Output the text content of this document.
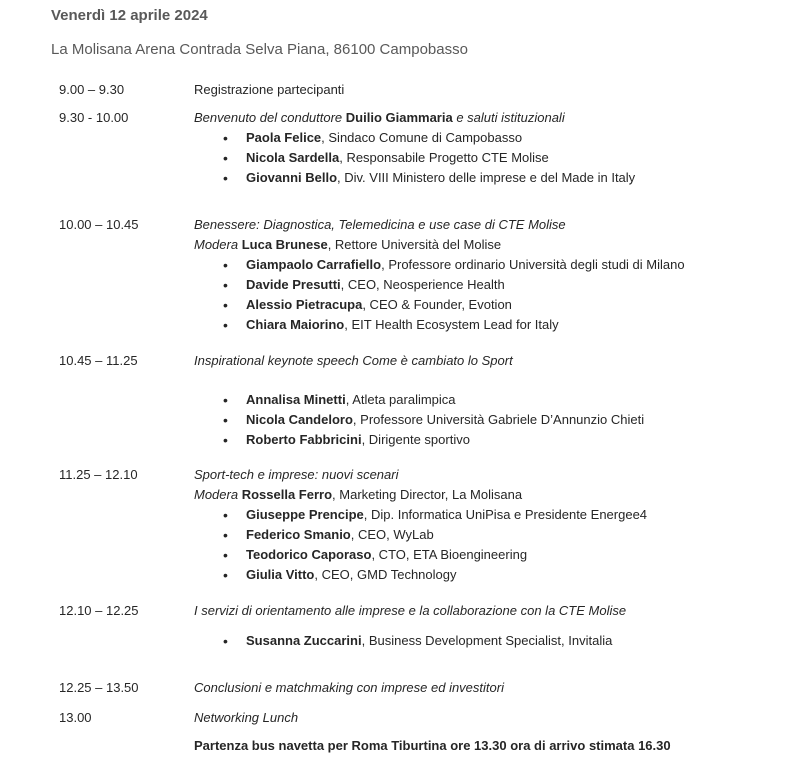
Venerdì 12 aprile 2024
La Molisana Arena Contrada Selva Piana, 86100 Campobasso
9.00 – 9.30	Registrazione partecipanti
9.30 - 10.00	Benvenuto del conduttore Duilio Giammaria e saluti istituzionali
• Paola Felice, Sindaco Comune di Campobasso
• Nicola Sardella, Responsabile Progetto CTE Molise
• Giovanni Bello, Div. VIII Ministero delle imprese e del Made in Italy
10.00 – 10.45	Benessere: Diagnostica, Telemedicina e use case di CTE Molise
Modera Luca Brunese, Rettore Università del Molise
• Giampaolo Carrafiello, Professore ordinario Università degli studi di Milano
• Davide Presutti, CEO, Neosperience Health
• Alessio Pietracupa, CEO & Founder, Evotion
• Chiara Maiorino, EIT Health Ecosystem Lead for Italy
10.45 – 11.25	Inspirational keynote speech Come è cambiato lo Sport
• Annalisa Minetti, Atleta paralimpica
• Nicola Candeloro, Professore Università Gabriele D’Annunzio Chieti
• Roberto Fabbricini, Dirigente sportivo
11.25 – 12.10	Sport-tech e imprese: nuovi scenari
Modera Rossella Ferro, Marketing Director, La Molisana
• Giuseppe Prencipe, Dip. Informatica UniPisa e Presidente Energee4
• Federico Smanio, CEO, WyLab
• Teodorico Caporaso, CTO, ETA Bioengineering
• Giulia Vitto, CEO, GMD Technology
12.10 – 12.25	I servizi di orientamento alle imprese e la collaborazione con la CTE Molise
• Susanna Zuccarini, Business Development Specialist, Invitalia
12.25 – 13.50	Conclusioni e matchmaking con imprese ed investitori
13.00	Networking Lunch
Partenza bus navetta per Roma Tiburtina ore 13.30 ora di arrivo stimata 16.30
